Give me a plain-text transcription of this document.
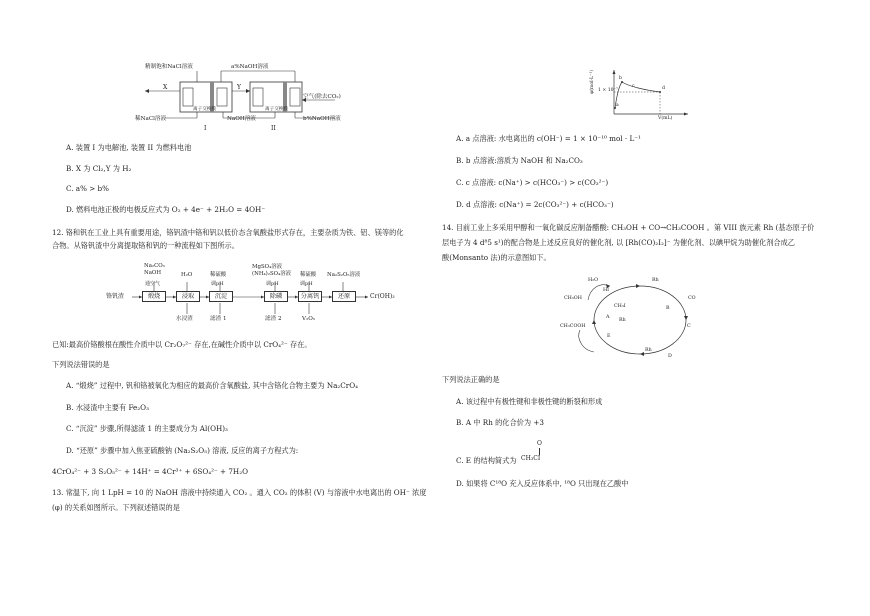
精制饱和NaCl溶液	a%NaOH溶液
X	Y
离子交换膜	离子交换膜
稀NaCl溶液	NaOH溶液	b%NaOH溶液
空气(除去CO₂)
I	II
A. 装置 I 为电解池, 装置 II 为燃料电池
B. X 为 Cl₂,Y 为 H₂
C. a% > b%
D. 燃料电池正极的电极反应式为 O₂ + 4e⁻ + 2H₂O = 4OH⁻
12. 铬和钒在工业上具有重要用途，铬钒渣中铬和钒以低价态含氧酸盐形式存在，主要杂质为铁、铝、镁等的化
合物。从铬钒渣中分离提取铬和钒的一种流程如下图所示。
铬钒渣	煅烧	浸取	沉淀	除磷	分离钒	还原	Cr(OH)₃
Na₂CO₃
NaOH	H₂O	稀硫酸
MgSO₄溶液
(NH₄)₂SO₄溶液 稀硫酸 Na₂S₂O₅溶液
通空气	调pH	调pH	调pH
水浸渣	滤渣 1	滤渣 2	V₂O₅
已知:最高价铬酸根在酸性介质中以 Cr₂O₇²⁻ 存在,在碱性介质中以 CrO₄²⁻ 存在。
下列说法错误的是
A. “煅烧” 过程中, 钒和铬被氧化为相应的最高价含氧酸盐, 其中含铬化合物主要为 Na₂CrO₄
B. 水浸渣中主要有 Fe₂O₃
C. “沉淀” 步骤,所得滤渣 1 的主要成分为 Al(OH)₃
D. “还原” 步骤中加入焦亚硫酸钠 (Na₂S₂O₅) 溶液, 反应的离子方程式为:
4CrO₄²⁻ + 3 S₂O₅²⁻ + 14H⁺ = 4Cr³⁺ + 6SO₄²⁻ + 7H₂O
13. 常温下, 向 1 LpH = 10 的 NaOH 溶液中持续通入 CO₂ 。通入 CO₂ 的体积 (V) 与溶液中水电离出的 OH⁻ 浓度
(φ) 的关系如图所示。下列叙述错误的是
φ(mol·L⁻¹) 1 × 10⁻⁷
V(mL)
a
b
c	d
A. a 点溶液: 水电离出的 c(OH⁻) = 1 × 10⁻¹⁰ mol · L⁻¹
B. b 点溶液:溶质为 NaOH 和 Na₂CO₃
C. c 点溶液: c(Na⁺) > c(HCO₃⁻) > c(CO₃²⁻)
D. d 点溶液: c(Na⁺) = 2c(CO₃²⁻) + c(HCO₃⁻)
14. 目前工业上多采用甲醇和一氧化碳反应制备醋酸: CH₃OH + CO→CH₃COOH 。第 VIII 族元素 Rh (基态原子价
层电子为 4 d⁸5 s¹)的配合物是上述反应良好的催化剂, 以 [Rh(CO)₂I₂]⁻ 为催化剂、以碘甲烷为助催化剂合成乙
酸(Monsanto 法)的示意图如下。
H₂O
HI
CH₃OH
CH₃I
CH₃COOH
A
B
C
D
E
Rh
Rh
Rh
CO
下列说法正确的是
A. 该过程中有极性键和非极性键的断裂和形成
B. A 中 Rh 的化合价为 +3
C. E 的结构简式为
O
CH₃CI
D. 如果将 C¹⁸O 充入反应体系中, ¹⁸O 只出现在乙酸中
